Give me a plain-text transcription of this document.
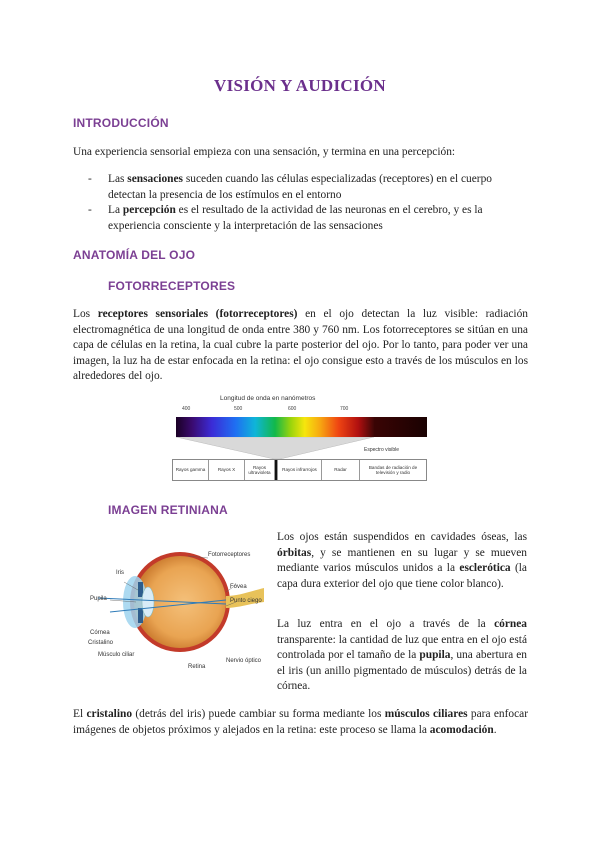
VISIÓN Y AUDICIÓN
INTRODUCCIÓN
Una experiencia sensorial empieza con una sensación, y termina en una percepción:
- Las sensaciones suceden cuando las células especializadas (receptores) en el cuerpo detectan la presencia de los estímulos en el entorno
- La percepción es el resultado de la actividad de las neuronas en el cerebro, y es la experiencia consciente y la interpretación de las sensaciones
ANATOMÍA DEL OJO
FOTORRECEPTORES
Los receptores sensoriales (fotorreceptores) en el ojo detectan la luz visible: radiación electromagnética de una longitud de onda entre 380 y 760 nm. Los fotorreceptores se sitúan en una capa de células en la retina, la cual cubre la parte posterior del ojo. Por lo tanto, para poder ver una imagen, la luz ha de estar enfocada en la retina: el ojo consigue esto a través de los músculos en los alrededores del ojo.
Longitud de onda en nanómetros
400	500	600	700
Espectro visible
Rayos gamma	Rayos X
Rayos ultravioleta
Rayos infrarrojos	Radar
Bandas de radiación de televisión y radio
IMAGEN RETINIANA
Fotorreceptores
Iris
Fóvea
Punto ciego
Pupila
Córnea
Cristalino
Músculo ciliar
Nervio óptico
Retina
Los ojos están suspendidos en cavidades óseas, las órbitas, y se mantienen en su lugar y se mueven mediante varios músculos unidos a la esclerótica (la capa dura exterior del ojo que tiene color blanco).
La luz entra en el ojo a través de la córnea transparente: la cantidad de luz que entra en el ojo está controlada por el tamaño de la pupila, una abertura en el iris (un anillo pigmentado de músculos) detrás de la córnea.
El cristalino (detrás del iris) puede cambiar su forma mediante los músculos ciliares para enfocar imágenes de objetos próximos y alejados en la retina: este proceso se llama la acomodación.
